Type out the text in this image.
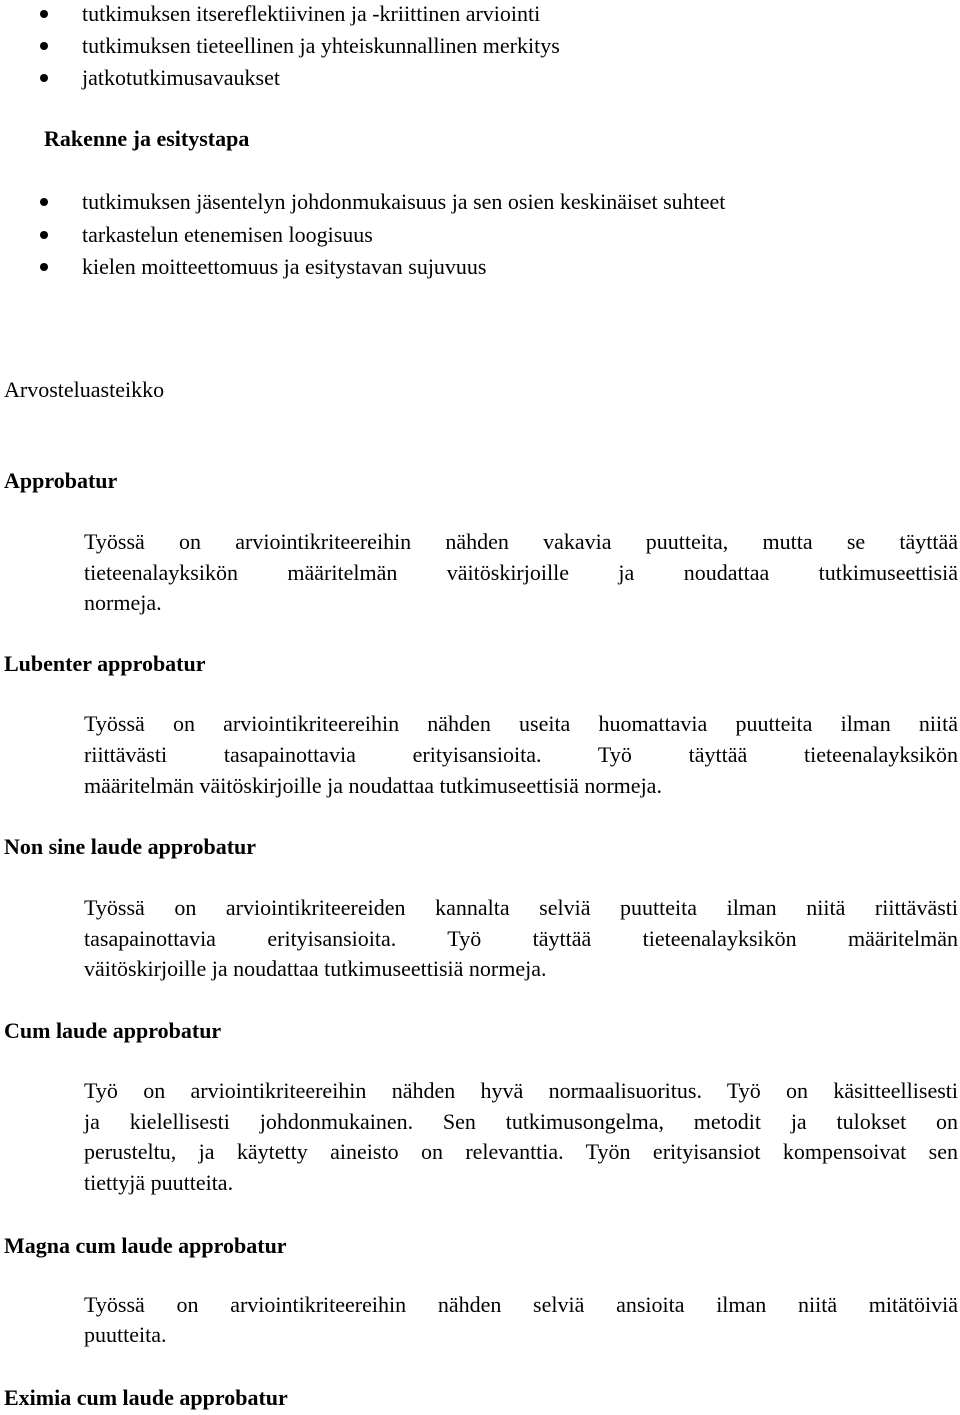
tutkimuksen itsereflektiivinen ja -kriittinen arviointi
tutkimuksen tieteellinen ja yhteiskunnallinen merkitys
jatkotutkimusavaukset
Rakenne ja esitystapa
tutkimuksen jäsentelyn johdonmukaisuus ja sen osien keskinäiset suhteet
tarkastelun etenemisen loogisuus
kielen moitteettomuus ja esitystavan sujuvuus
Arvosteluasteikko
Approbatur
Työssä on arviointikriteereihin nähden vakavia puutteita, mutta se täyttää
tieteenalayksikön määritelmän väitöskirjoille ja noudattaa tutkimuseettisiä
normeja.
Lubenter approbatur
Työssä on arviointikriteereihin nähden useita huomattavia puutteita ilman niitä
riittävästi tasapainottavia erityisansioita. Työ täyttää tieteenalayksikön
määritelmän väitöskirjoille ja noudattaa tutkimuseettisiä normeja.
Non sine laude approbatur
Työssä on arviointikriteereiden kannalta selviä puutteita ilman niitä riittävästi
tasapainottavia erityisansioita. Työ täyttää tieteenalayksikön määritelmän
väitöskirjoille ja noudattaa tutkimuseettisiä normeja.
Cum laude approbatur
Työ on arviointikriteereihin nähden hyvä normaalisuoritus. Työ on käsitteellisesti
ja kielellisesti johdonmukainen. Sen tutkimusongelma, metodit ja tulokset on
perusteltu, ja käytetty aineisto on relevanttia. Työn erityisansiot kompensoivat sen
tiettyjä puutteita.
Magna cum laude approbatur
Työssä on arviointikriteereihin nähden selviä ansioita ilman niitä mitätöiviä
puutteita.
Eximia cum laude approbatur
